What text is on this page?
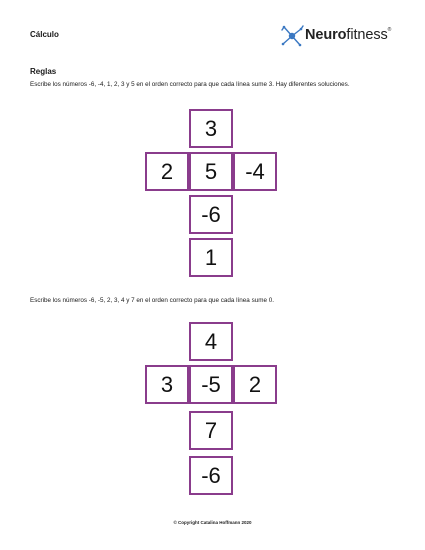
Cálculo	Neurofitness®
Reglas
Escribe los números -6, -4, 1, 2, 3 y 5 en el orden correcto para que cada línea sume 3. Hay diferentes soluciones.
3
2	5	-4
-6
1
Escribe los números -6, -5, 2, 3, 4 y 7 en el orden correcto para que cada línea sume 0.
4
3	-5	2
7
-6
© Copyright Catalina Hoffmann 2020
